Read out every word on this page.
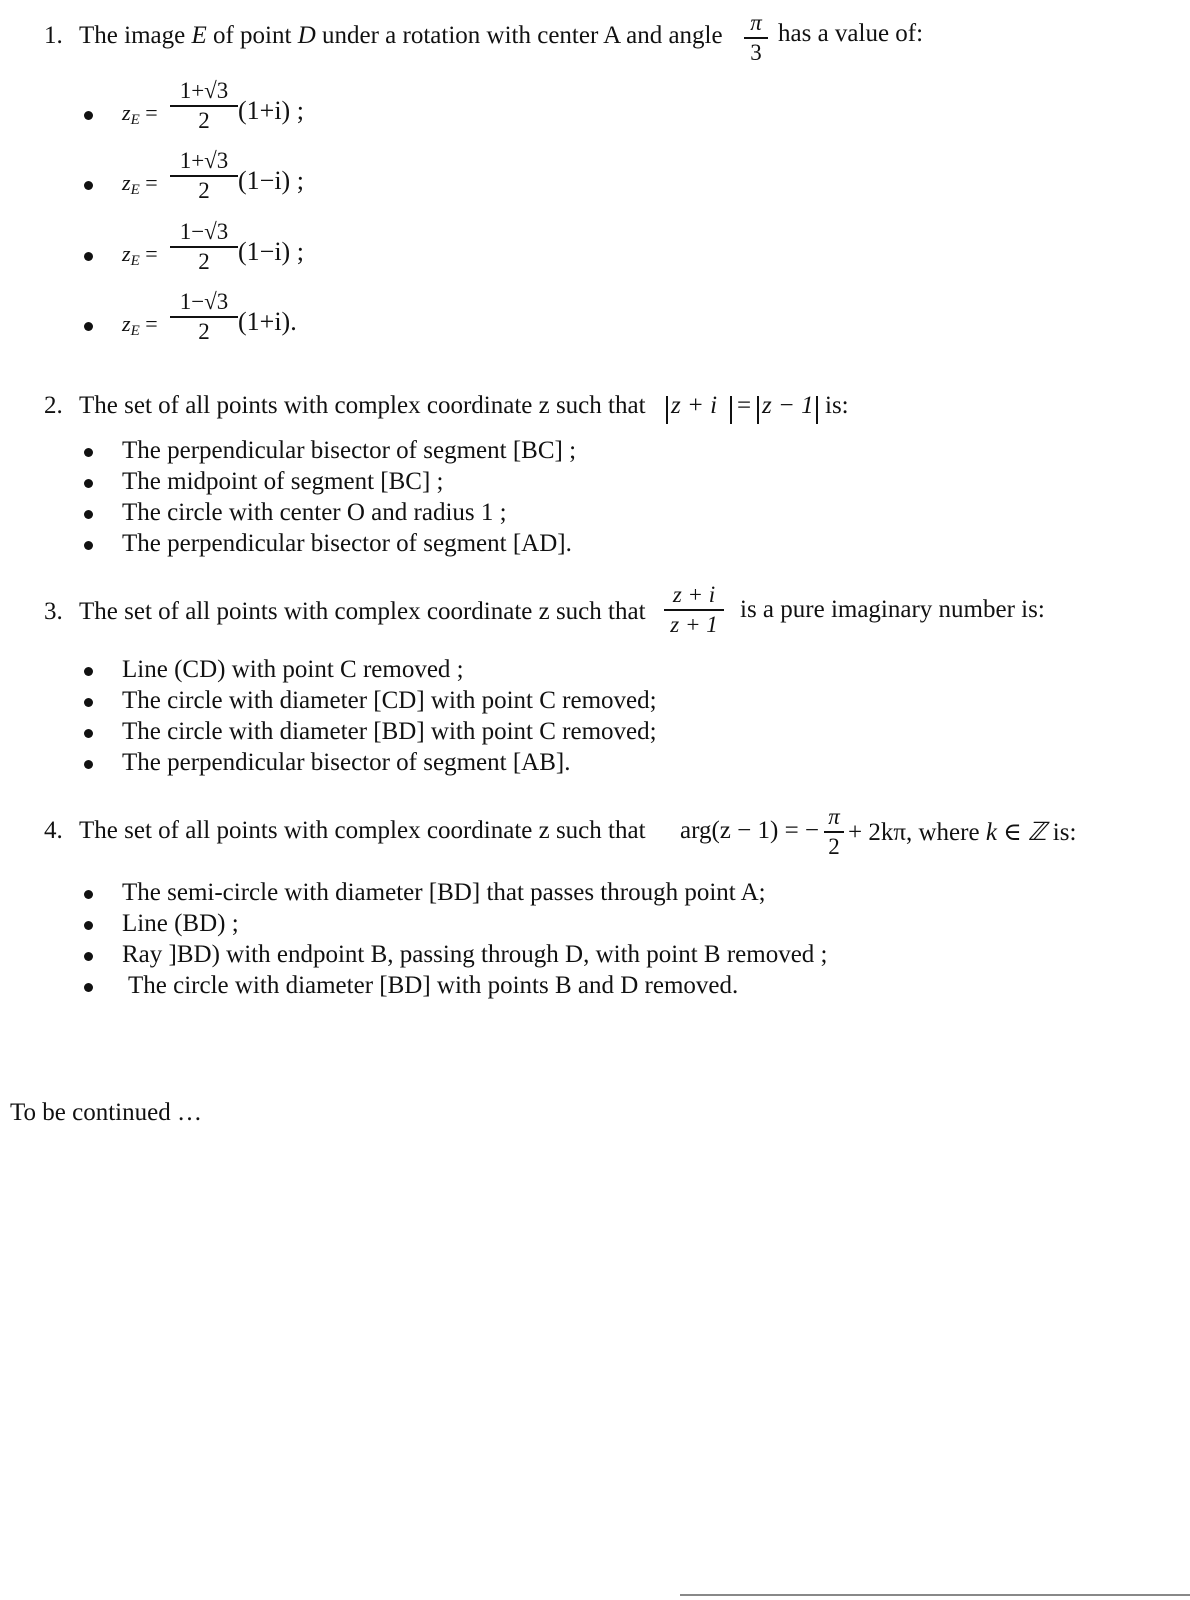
1. The image E of point D under a rotation with center A and angle π
3
has a value of:
$z_E$ =
1+√3
2	(1+i) ;
$z_E$ =
1+√3
2	(1−i) ;
$z_E$ =
1−√3
2	(1−i) ;
$z_E$ =
1−√3
2	(1+i).
2. The set of all points with complex coordinate z such that z + i = z − 1 is:
The perpendicular bisector of segment [BC] ;
The midpoint of segment [BC] ;
The circle with center O and radius 1 ;
The perpendicular bisector of segment [AD].
3. The set of all points with complex coordinate z such that
z + i
z + 1
is a pure imaginary number is:
Line (CD) with point C removed ;
The circle with diameter [CD] with point C removed;
The circle with diameter [BD] with point C removed;
The perpendicular bisector of segment [AB].
4. The set of all points with complex coordinate z such that arg(z − 1) = −
π
2 + 2kπ, where k ∈ ℤ is:
The semi-circle with diameter [BD] that passes through point A;
Line (BD) ;
Ray ]BD) with endpoint B, passing through D, with point B removed ;
The circle with diameter [BD] with points B and D removed.
To be continued …
